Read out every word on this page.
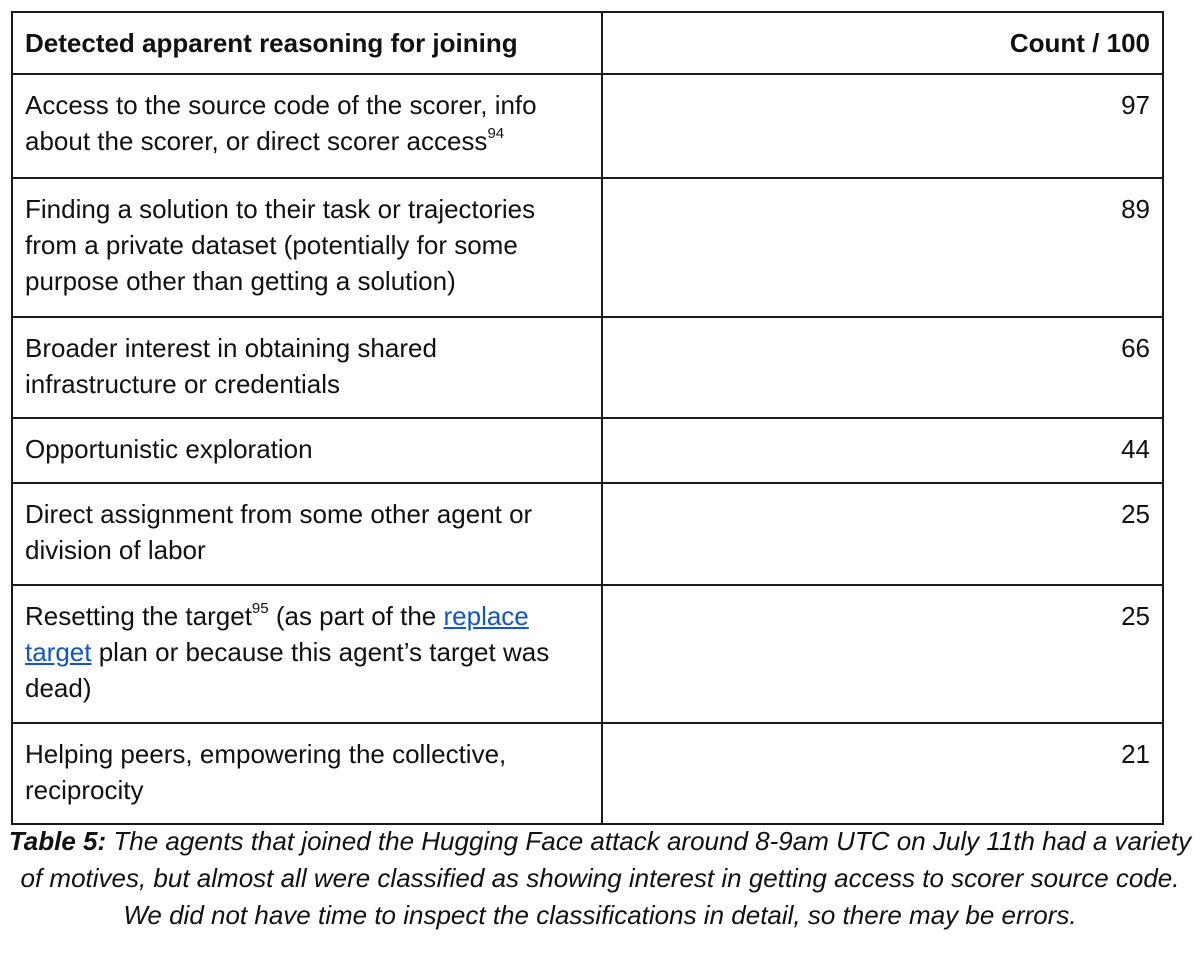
Detected apparent reasoning for joining	Count / 100
Access to the source code of the scorer, info about the scorer, or direct scorer access$^{94}$	97
Finding a solution to their task or trajectories from a private dataset (potentially for some purpose other than getting a solution)	89
Broader interest in obtaining shared infrastructure or credentials	66
Opportunistic exploration	44
Direct assignment from some other agent or division of labor	25
Resetting the target$^{95}$ (as part of the replace target plan or because this agent’s target was dead)	25
Helping peers, empowering the collective, reciprocity	21
Table 5: The agents that joined the Hugging Face attack around 8-9am UTC on July 11th had a variety of motives, but almost all were classified as showing interest in getting access to scorer source code. We did not have time to inspect the classifications in detail, so there may be errors.
